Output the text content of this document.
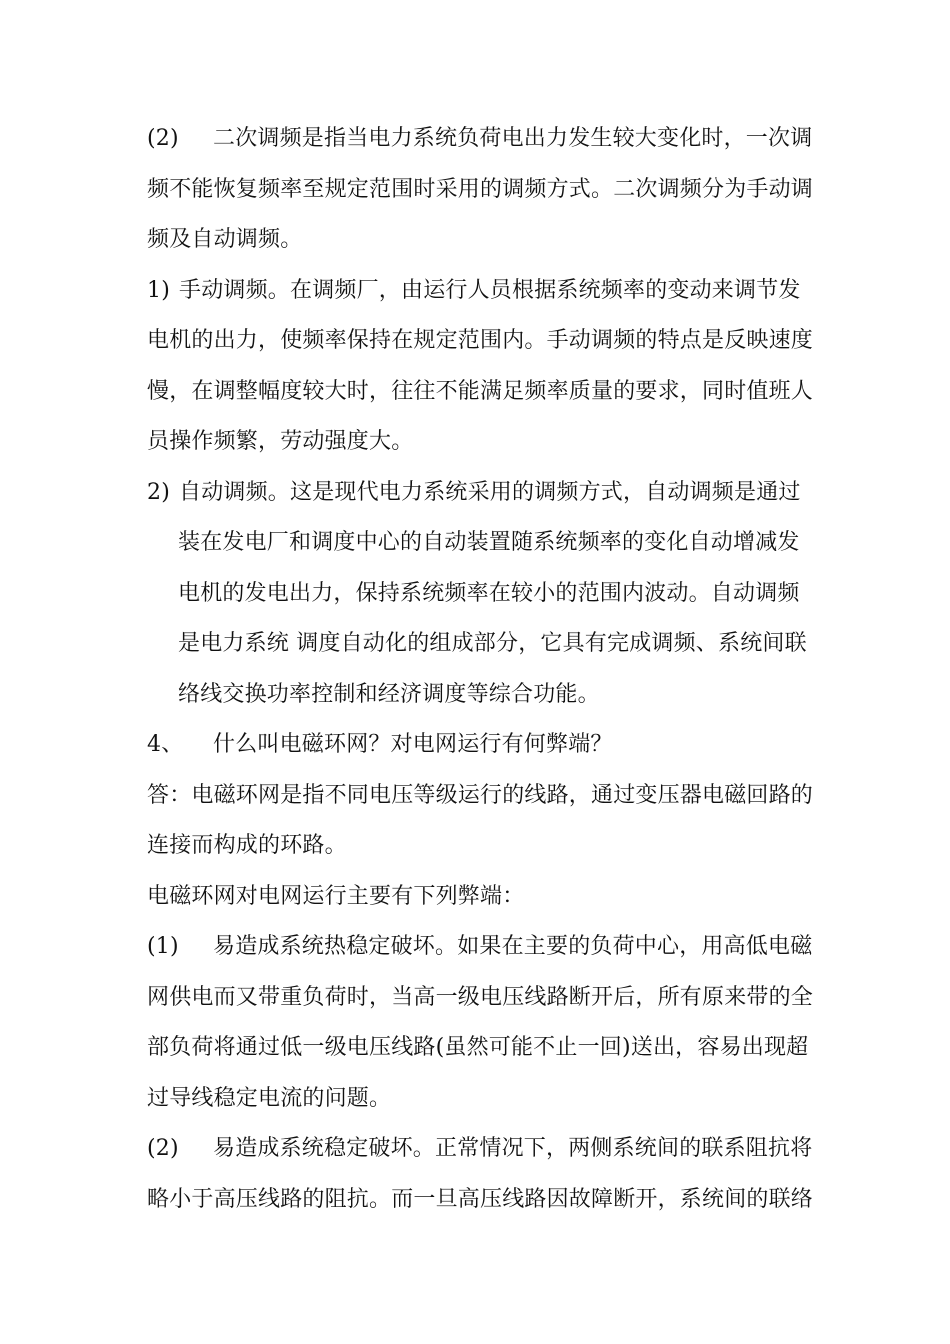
(2) 二次调频是指当电力系统负荷电出力发生较大变化时，一次调
频不能恢复频率至规定范围时采用的调频方式。二次调频分为手动调
频及自动调频。
1) 手动调频。在调频厂，由运行人员根据系统频率的变动来调节发
电机的出力，使频率保持在规定范围内。手动调频的特点是反映速度
慢，在调整幅度较大时，往往不能满足频率质量的要求，同时值班人
员操作频繁，劳动强度大。
2) 自动调频。这是现代电力系统采用的调频方式，自动调频是通过
装在发电厂和调度中心的自动装置随系统频率的变化自动增减发
电机的发电出力，保持系统频率在较小的范围内波动。自动调频
是电力系统 调度自动化的组成部分，它具有完成调频、系统间联
络线交换功率控制和经济调度等综合功能。
4、 什么叫电磁环网？对电网运行有何弊端？
答：电磁环网是指不同电压等级运行的线路，通过变压器电磁回路的
连接而构成的环路。
电磁环网对电网运行主要有下列弊端：
(1) 易造成系统热稳定破坏。如果在主要的负荷中心，用高低电磁
网供电而又带重负荷时，当高一级电压线路断开后，所有原来带的全
部负荷将通过低一级电压线路(虽然可能不止一回)送出，容易出现超
过导线稳定电流的问题。
(2) 易造成系统稳定破坏。正常情况下，两侧系统间的联系阻抗将
略小于高压线路的阻抗。而一旦高压线路因故障断开，系统间的联络
